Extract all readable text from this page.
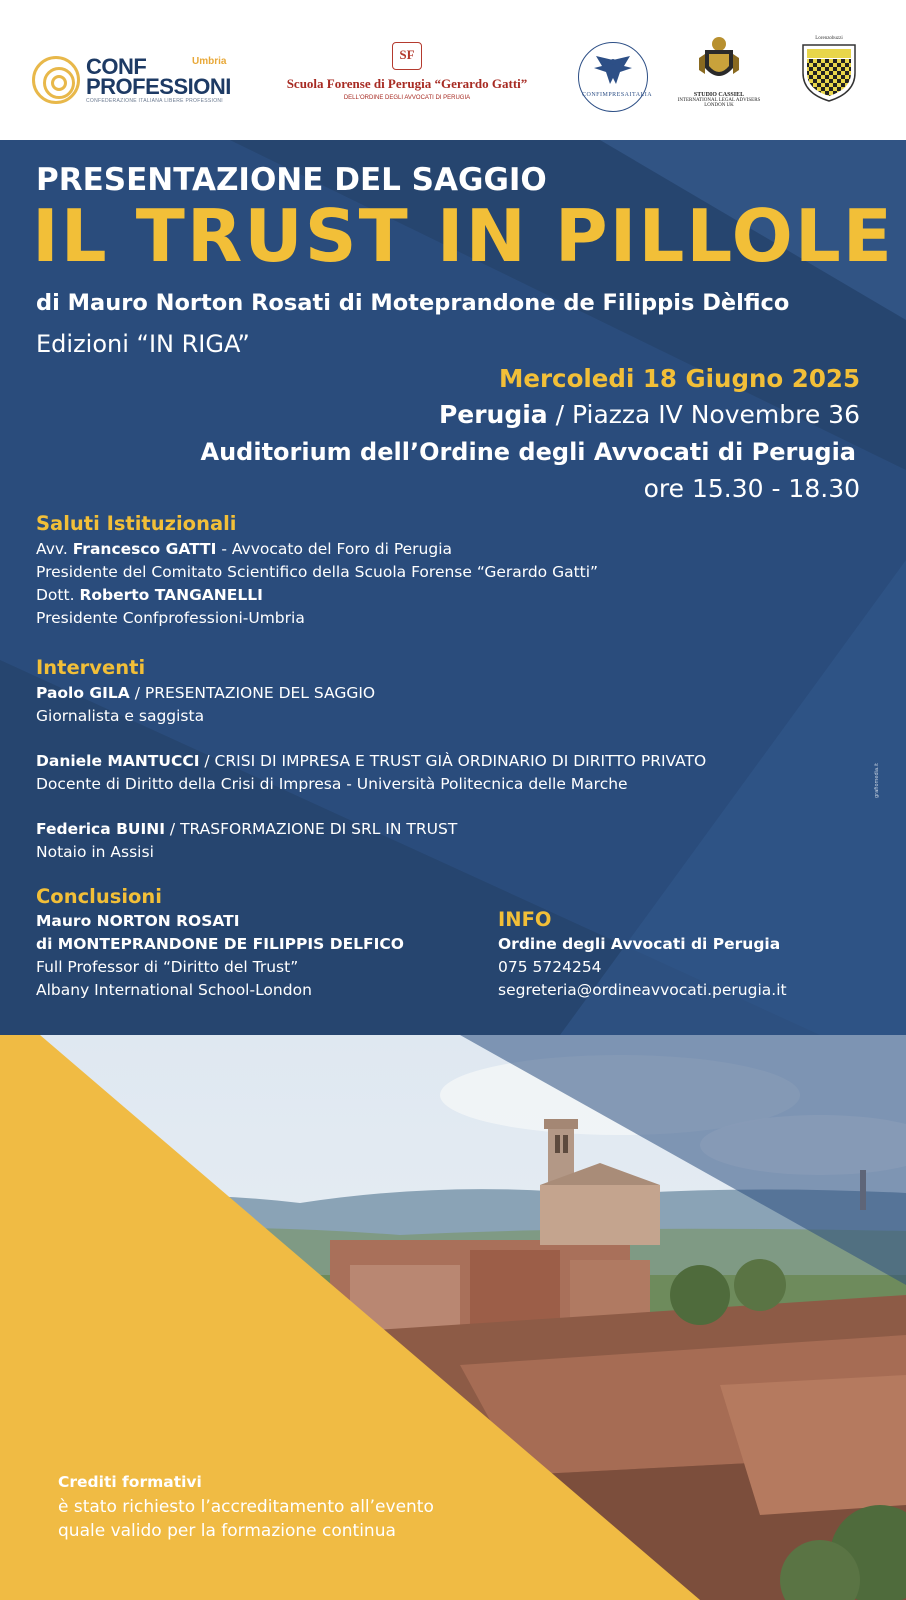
CONF	Umbria
PROFESSIONI
CONFEDERAZIONE ITALIANA LIBERE PROFESSIONI
SF
Scuola Forense di Perugia “Gerardo Gatti”
DELL'ORDINE DEGLI AVVOCATI DI PERUGIA	CONFIMPRESAITALIA	STUDIO CASSIEL
INTERNATIONAL LEGAL ADVISERS
LONDON UK
Lorenzobuzzi
PRESENTAZIONE DEL SAGGIO
IL TRUST IN PILLOLE
di Mauro Norton Rosati di Moteprandone de Filippis Dèlfico
Edizioni “IN RIGA”
Mercoledi 18 Giugno 2025
Perugia / Piazza IV Novembre 36
Auditorium dell’Ordine degli Avvocati di Perugia
ore 15.30 - 18.30
Saluti Istituzionali
Avv. Francesco GATTI - Avvocato del Foro di Perugia
Presidente del Comitato Scientifico della Scuola Forense “Gerardo Gatti”
Dott. Roberto TANGANELLI
Presidente Confprofessioni-Umbria
Interventi
Paolo GILA / PRESENTAZIONE DEL SAGGIO
Giornalista e saggista
Daniele MANTUCCI / CRISI DI IMPRESA E TRUST GIÀ ORDINARIO DI DIRITTO PRIVATO
Docente di Diritto della Crisi di Impresa - Università Politecnica delle Marche
Federica BUINI / TRASFORMAZIONE DI SRL IN TRUST
Notaio in Assisi
Conclusioni
Mauro NORTON ROSATI
di MONTEPRANDONE DE FILIPPIS DELFICO
Full Professor di “Diritto del Trust”
Albany International School-London
INFO
Ordine degli Avvocati di Perugia
075 5724254
segreteria@ordineavvocati.perugia.it
grafiomedia.it
Crediti formativi
è stato richiesto l’accreditamento all’evento
quale valido per la formazione continua
